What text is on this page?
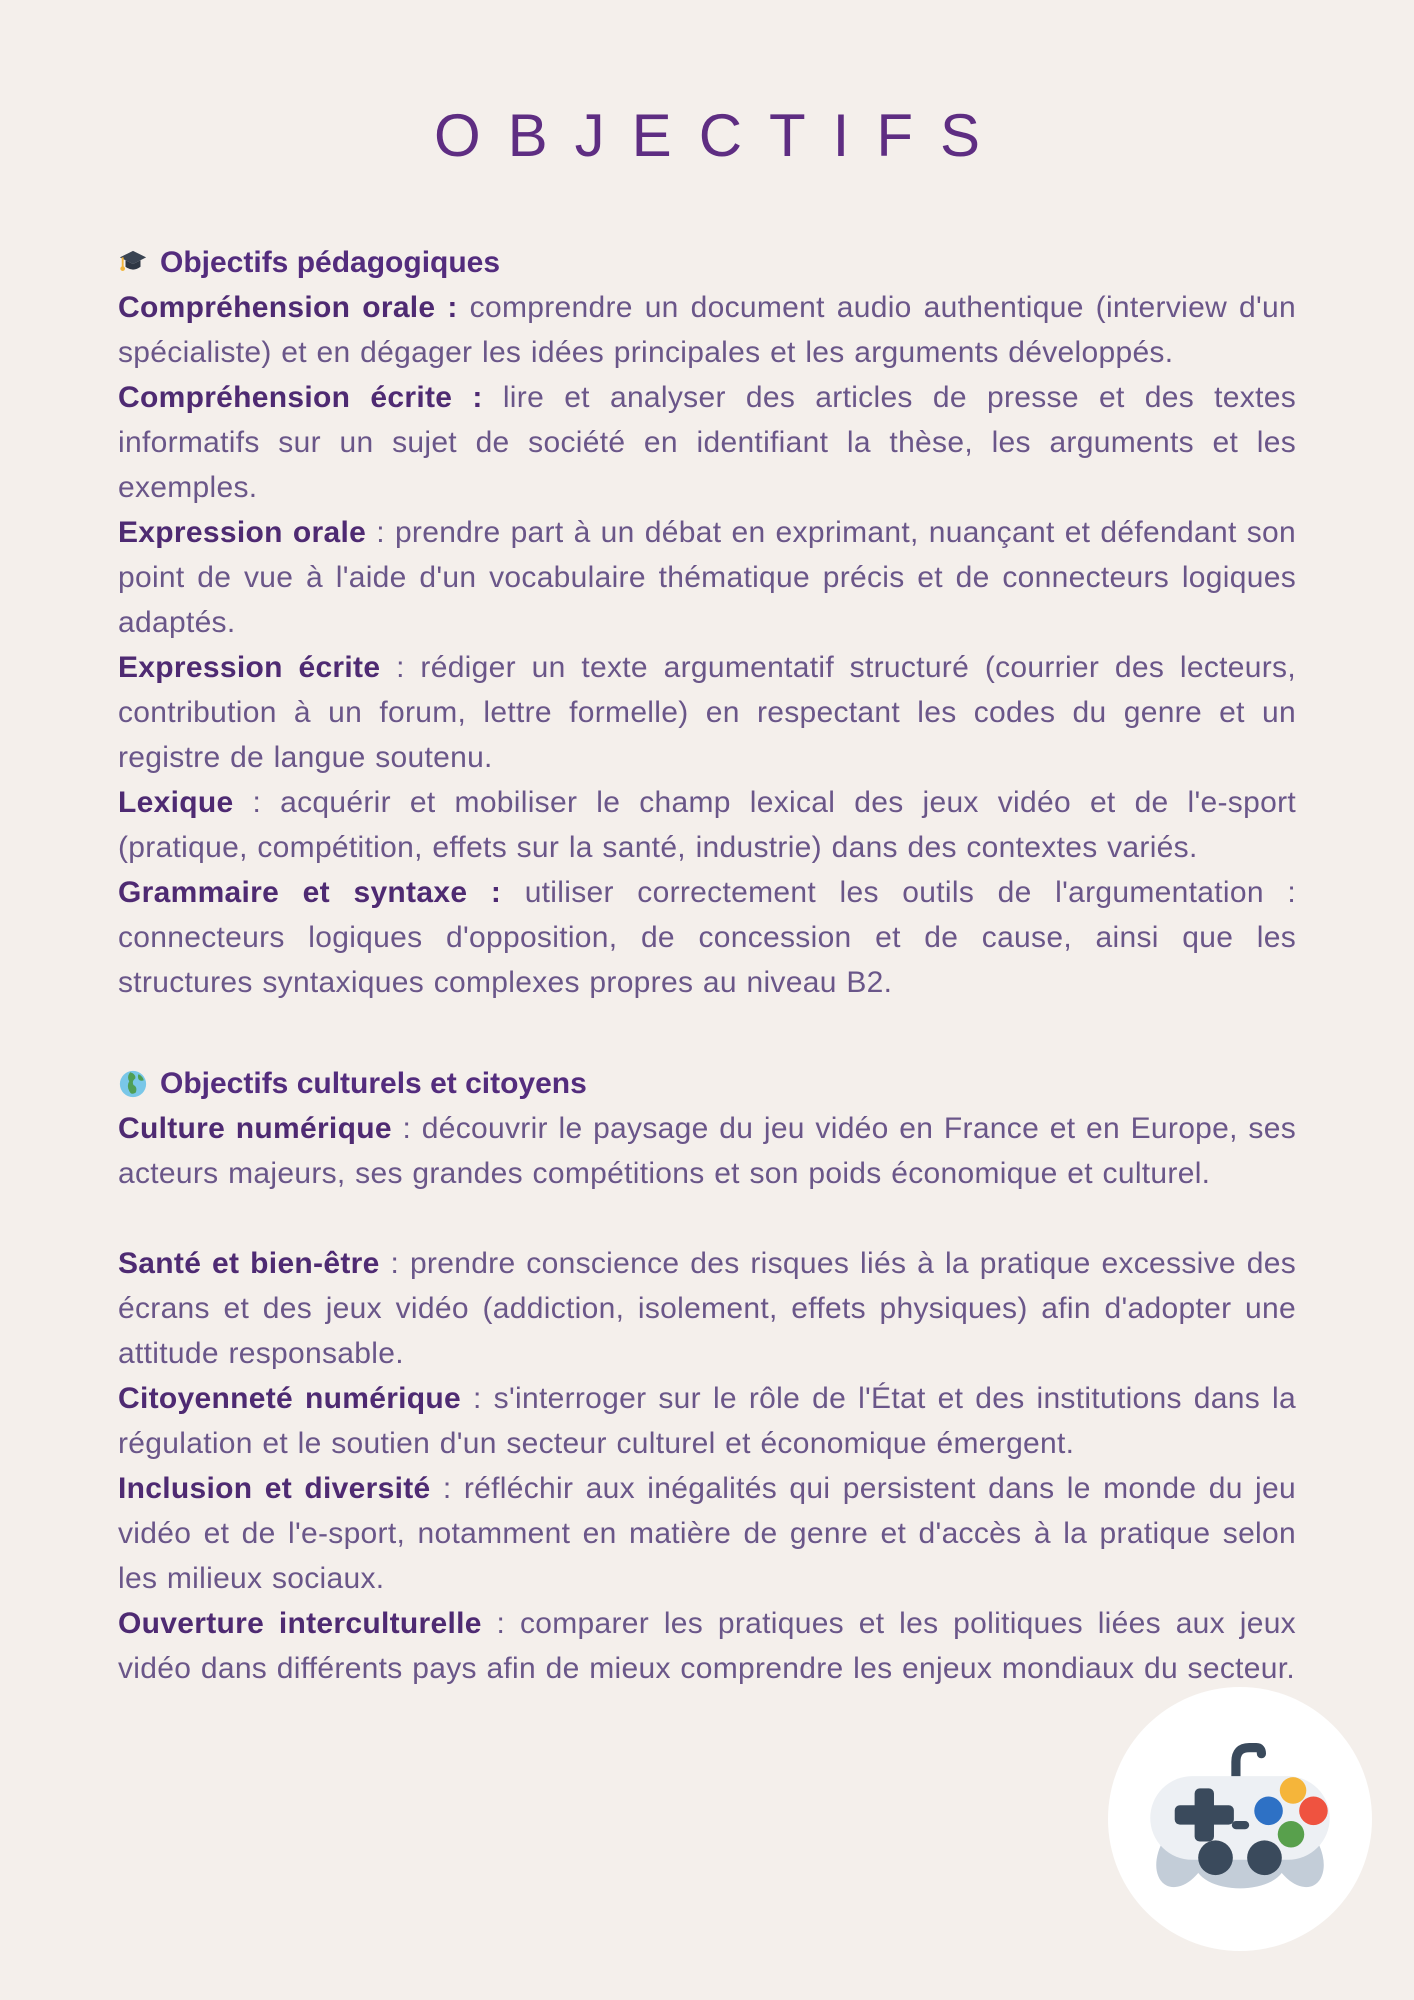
OBJECTIFS
Objectifs pédagogiques

Compréhension orale : comprendre un document audio authentique (interview d'un spécialiste) et en dégager les idées principales et les arguments développés.

Compréhension écrite : lire et analyser des articles de presse et des textes informatifs sur un sujet de société en identifiant la thèse, les arguments et les exemples.

Expression orale : prendre part à un débat en exprimant, nuançant et défendant son point de vue à l'aide d'un vocabulaire thématique précis et de connecteurs logiques adaptés.

Expression écrite : rédiger un texte argumentatif structuré (courrier des lecteurs, contribution à un forum, lettre formelle) en respectant les codes du genre et un registre de langue soutenu.

Lexique : acquérir et mobiliser le champ lexical des jeux vidéo et de l'e-sport (pratique, compétition, effets sur la santé, industrie) dans des contextes variés.

Grammaire et syntaxe : utiliser correctement les outils de l'argumentation : connecteurs logiques d'opposition, de concession et de cause, ainsi que les structures syntaxiques complexes propres au niveau B2.

Objectifs culturels et citoyens

Culture numérique : découvrir le paysage du jeu vidéo en France et en Europe, ses acteurs majeurs, ses grandes compétitions et son poids économique et culturel.

Santé et bien-être : prendre conscience des risques liés à la pratique excessive des écrans et des jeux vidéo (addiction, isolement, effets physiques) afin d'adopter une attitude responsable.

Citoyenneté numérique : s'interroger sur le rôle de l'État et des institutions dans la régulation et le soutien d'un secteur culturel et économique émergent.

Inclusion et diversité : réfléchir aux inégalités qui persistent dans le monde du jeu vidéo et de l'e-sport, notamment en matière de genre et d'accès à la pratique selon les milieux sociaux.

Ouverture interculturelle : comparer les pratiques et les politiques liées aux jeux vidéo dans différents pays afin de mieux comprendre les enjeux mondiaux du secteur.
